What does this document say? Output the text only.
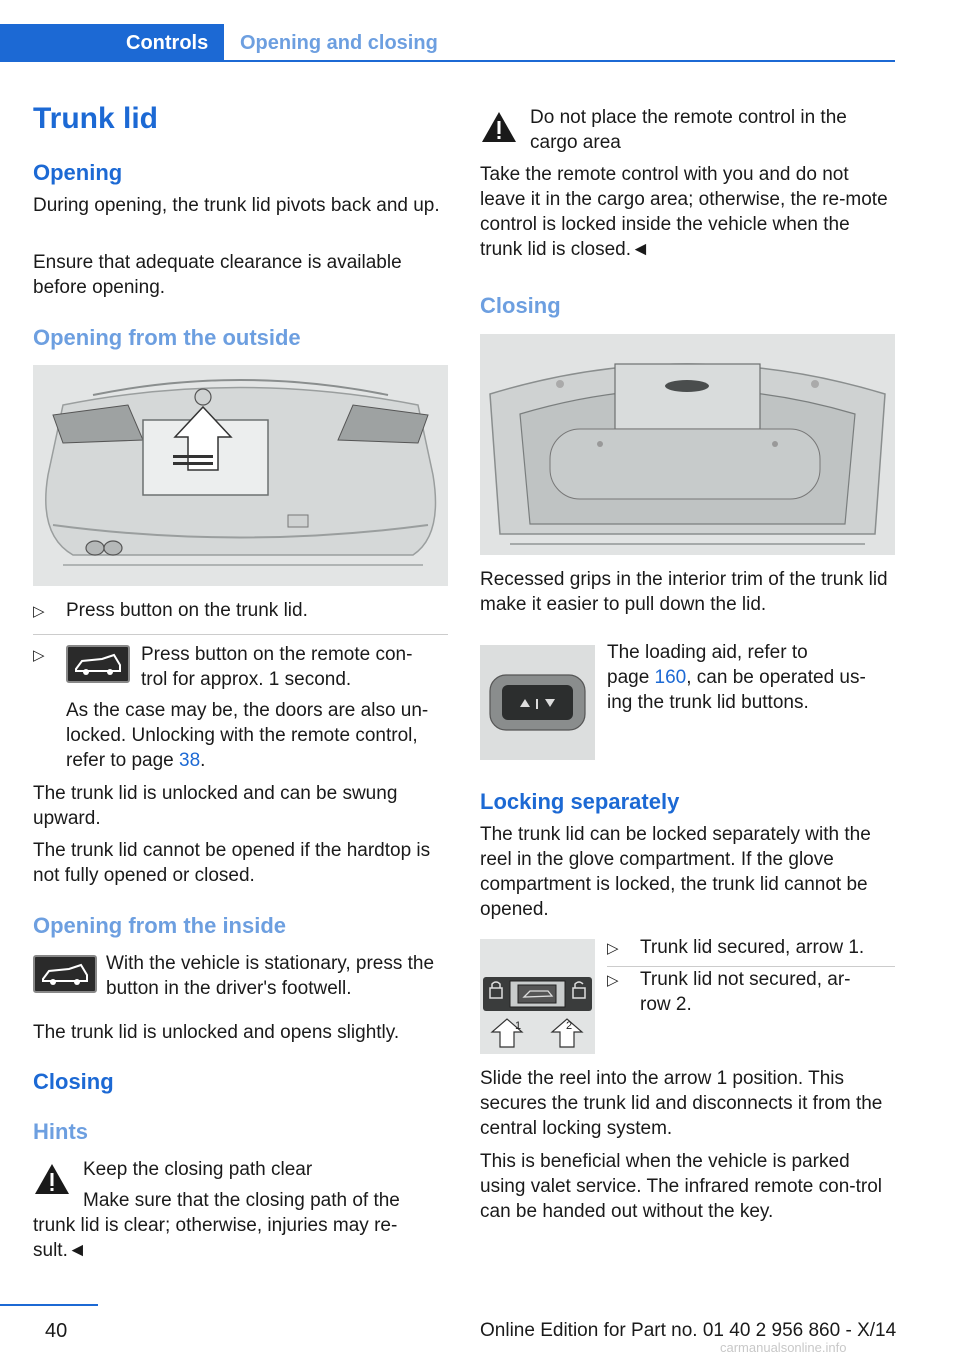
Controls	Opening and closing
Trunk lid
Opening
During opening, the trunk lid pivots back and up.
Ensure that adequate clearance is available before opening.
Opening from the outside
▷ Press button on the trunk lid.
▷	Press button on the remote con-
trol for approx. 1 second.
As the case may be, the doors are also un-locked. Unlocking with the remote control, refer to page 38.
The trunk lid is unlocked and can be swung upward.
The trunk lid cannot be opened if the hardtop is not fully opened or closed.
Opening from the inside
With the vehicle is stationary, press the button in the driver's footwell.
The trunk lid is unlocked and opens slightly.
Closing
Hints
Keep the closing path clear
Make sure that the closing path of the
trunk lid is clear; otherwise, injuries may re-sult.◄
Do not place the remote control in the
cargo area
Take the remote control with you and do not leave it in the cargo area; otherwise, the re-mote control is locked inside the vehicle when the trunk lid is closed.◄
Closing
Recessed grips in the interior trim of the trunk lid make it easier to pull down the lid.
The loading aid, refer to
page 160, can be operated us-
ing the trunk lid buttons.
Locking separately
The trunk lid can be locked separately with the reel in the glove compartment. If the glove compartment is locked, the trunk lid cannot be opened.
1	2
▷ Trunk lid secured, arrow 1.
▷ Trunk lid not secured, ar-
row 2.
Slide the reel into the arrow 1 position. This secures the trunk lid and disconnects it from the central locking system.
This is beneficial when the vehicle is parked using valet service. The infrared remote con-trol can be handed out without the key.
40	Online Edition for Part no. 01 40 2 956 860 - X/14
carmanualsonline.info
